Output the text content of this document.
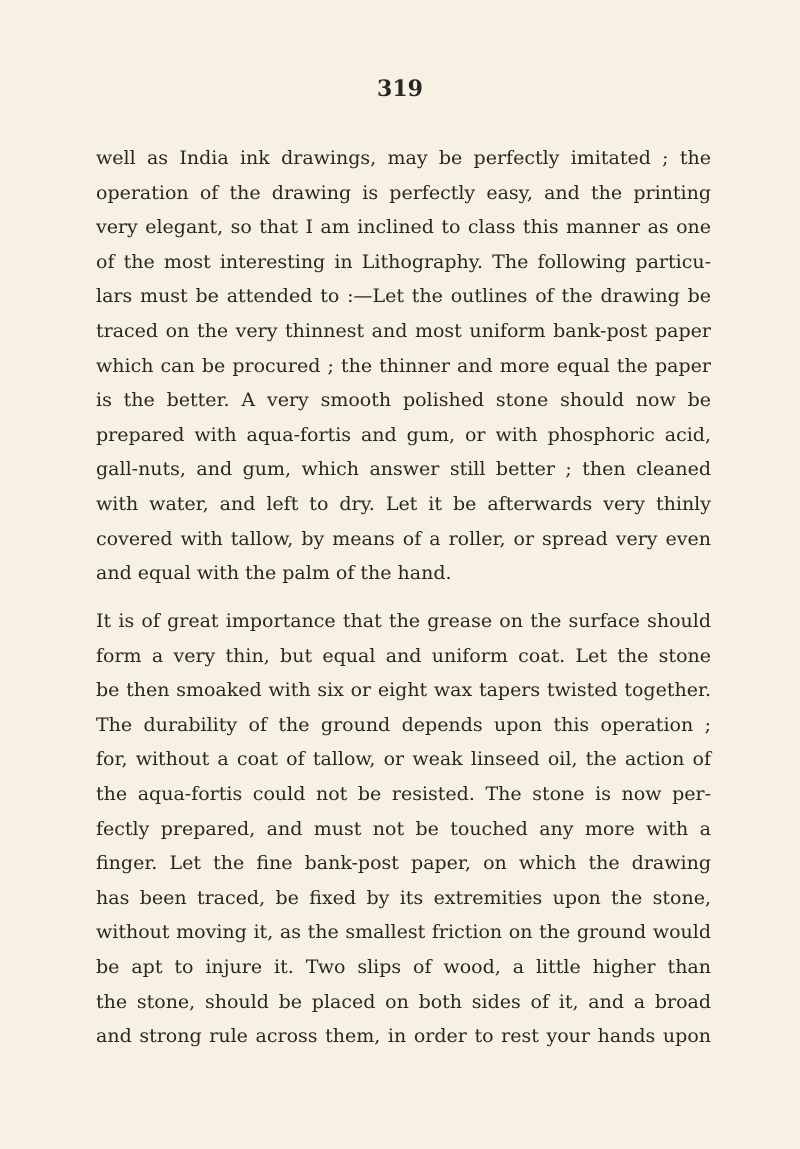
319
well as India ink drawings, may be perfectly imitated ; the
operation of the drawing is perfectly easy, and the printing
very elegant, so that I am inclined to class this manner as one
of the most interesting in Lithography. The following particu-
lars must be attended to :—Let the outlines of the drawing be
traced on the very thinnest and most uniform bank-post paper
which can be procured ; the thinner and more equal the paper
is the better. A very smooth polished stone should now be
prepared with aqua-fortis and gum, or with phosphoric acid,
gall-nuts, and gum, which answer still better ; then cleaned
with water, and left to dry. Let it be afterwards very thinly
covered with tallow, by means of a roller, or spread very even
and equal with the palm of the hand.
It is of great importance that the grease on the surface should
form a very thin, but equal and uniform coat. Let the stone
be then smoaked with six or eight wax tapers twisted together.
The durability of the ground depends upon this operation ;
for, without a coat of tallow, or weak linseed oil, the action of
the aqua-fortis could not be resisted. The stone is now per-
fectly prepared, and must not be touched any more with a
finger. Let the fine bank-post paper, on which the drawing
has been traced, be fixed by its extremities upon the stone,
without moving it, as the smallest friction on the ground would
be apt to injure it. Two slips of wood, a little higher than
the stone, should be placed on both sides of it, and a broad
and strong rule across them, in order to rest your hands upon
